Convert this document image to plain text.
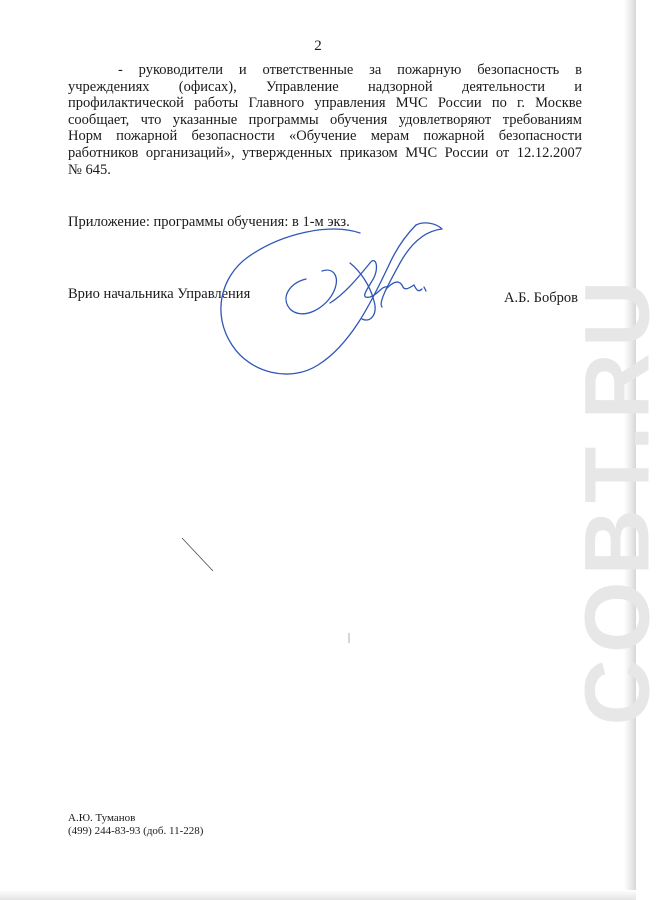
COBT.RU
2
- руководители и ответственные за пожарную безопасность в
учреждениях (офисах), Управление надзорной деятельности и
профилактической работы Главного управления МЧС России по г. Москве
сообщает, что указанные программы обучения удовлетворяют требованиям
Норм пожарной безопасности «Обучение мерам пожарной безопасности
работников организаций», утвержденных приказом МЧС России от 12.12.2007
№ 645.
Приложение: программы обучения: в 1-м экз.
Врио начальника Управления	А.Б. Бобров
А.Ю. Туманов
(499) 244-83-93 (доб. 11-228)
